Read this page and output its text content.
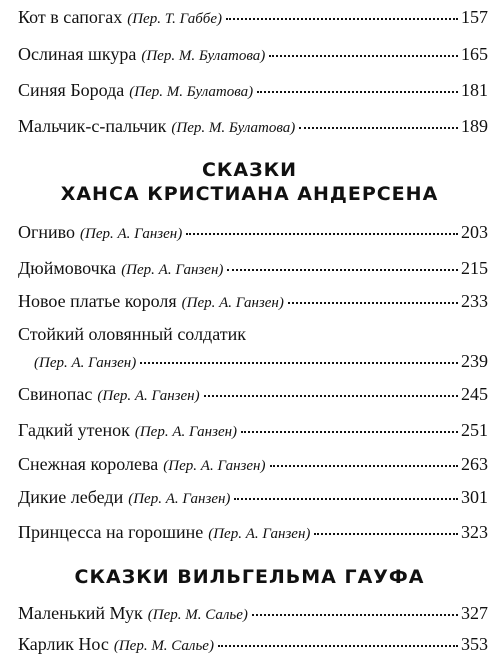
Кот в сапогах (Пер. Т. Габбе)	157
Ослиная шкура (Пер. М. Булатова)	165
Синяя Борода (Пер. М. Булатова)	181
Мальчик-с-пальчик (Пер. М. Булатова)	189
СКАЗКИ
ХАНСА КРИСТИАНА АНДЕРСЕНА
Огниво (Пер. А. Ганзен)	203
Дюймовочка (Пер. А. Ганзен)	215
Новое платье короля (Пер. А. Ганзен)	233
Стойкий оловянный солдатик
(Пер. А. Ганзен)	239
Свинопас (Пер. А. Ганзен)	245
Гадкий утенок (Пер. А. Ганзен)	251
Снежная королева (Пер. А. Ганзен)	263
Дикие лебеди (Пер. А. Ганзен)	301
Принцесса на горошине (Пер. А. Ганзен)	323
СКАЗКИ ВИЛЬГЕЛЬМА ГАУФА
Маленький Мук (Пер. М. Салье)	327
Карлик Нос (Пер. М. Салье)	353
